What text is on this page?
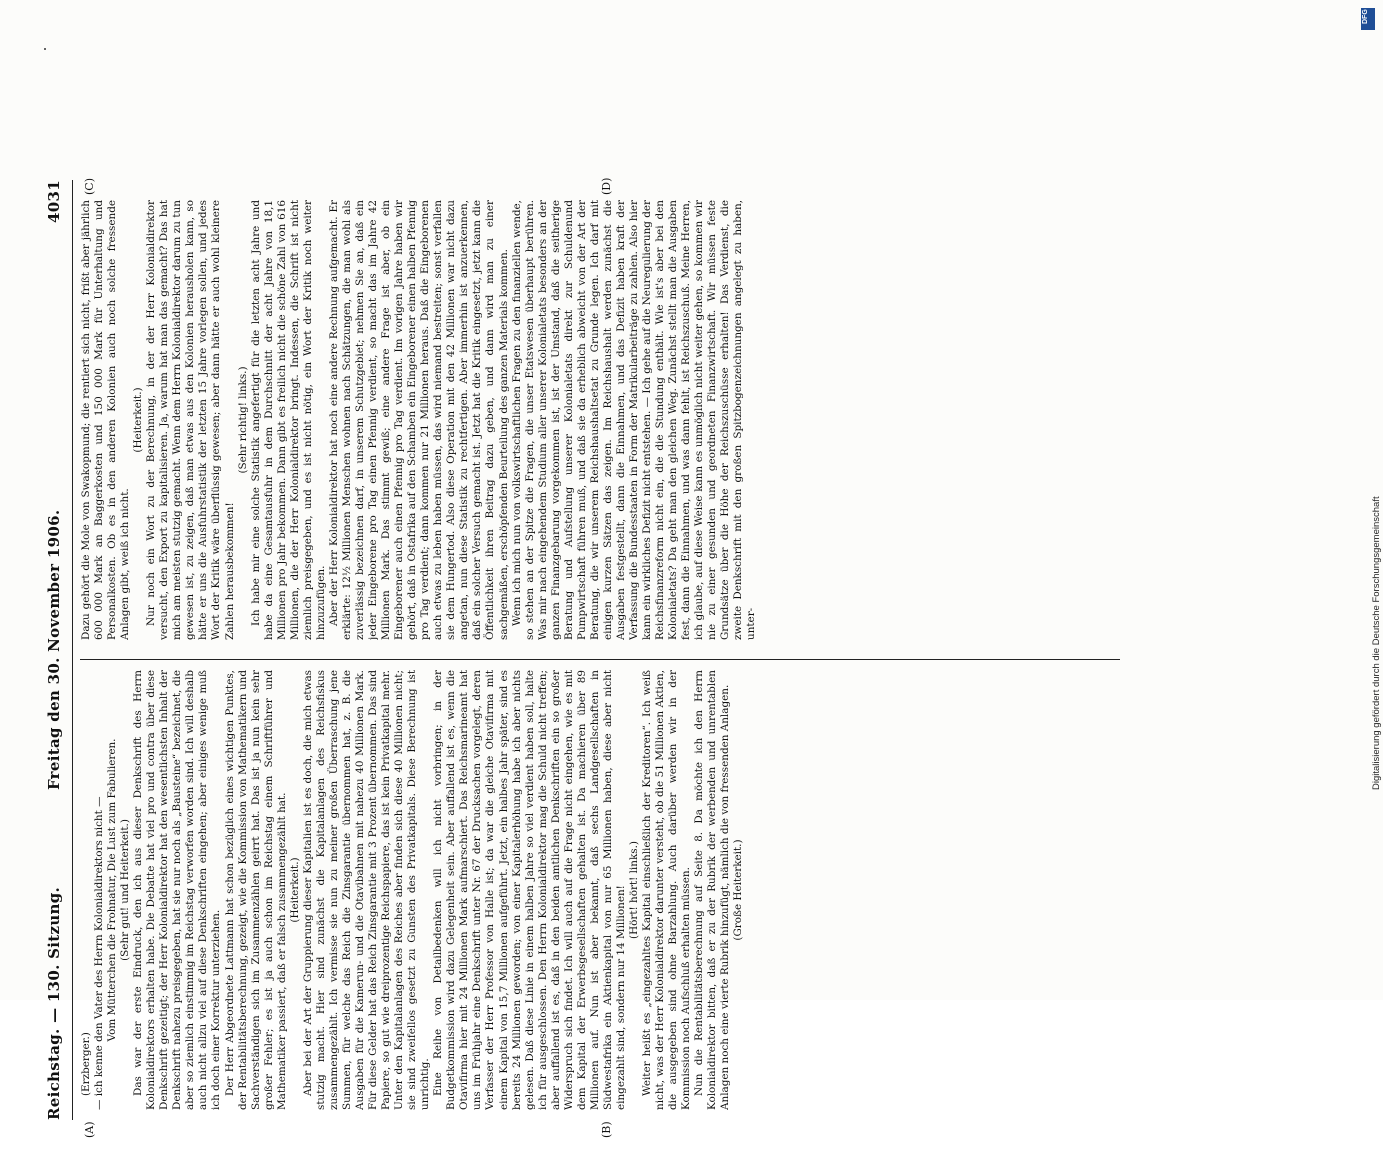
Reichstag. — 130. Sitzung.
Freitag den 30. November 1906.
4031
(A)	(B)
(C)	(D)

(Erzberger.) — ich kenne den Vater des Herrn Kolonialdirektors nicht — Vom Mütterchen die Frohnatur, Die Lust zum Fabulieren. (Sehr gut! und Heiterkeit.) Das war der erste Eindruck, den ich aus dieser Denkschrift des Herrn Kolonialdirektors erhalten habe. Die Debatte hat viel pro und contra über diese Denkschrift gezeitigt; der Herr Kolonialdirektor hat den wesentlichsten Inhalt der Denkschrift nahezu preisgegeben, hat sie nur noch als „Bausteine“ bezeichnet, die aber so ziemlich einstimmig im Reichstag verworfen worden sind. Ich will deshalb auch nicht allzu viel auf diese Denkschriften eingehen; aber einiges wenige muß ich doch einer Korrektur unterziehen. Der Herr Abgeordnete Lattmann hat schon bezüglich eines wichtigen Punktes, der Rentabilitätsberechnung, gezeigt, wie die Kommission von Mathematikern und Sachverständigen sich im Zusammenzählen geirrt hat. Das ist ja nun kein sehr großer Fehler; es ist ja auch schon im Reichstag einem Schriftführer und Mathematiker passiert, daß er falsch zusammengezählt hat. (Heiterkeit.) Aber bei der Art der Gruppierung dieser Kapitalien ist es doch, die mich etwas stutzig macht. Hier sind zunächst die Kapitalanlagen des Reichsfiskus zusammengezählt. Ich vermisse sie nun zu meiner großen Überraschung jene Summen, für welche das Reich die Zinsgarantie übernommen hat, z. B. die Ausgaben für die Kamerun- und die Otavibahnen mit nahezu 40 Millionen Mark. Für diese Gelder hat das Reich Zinsgarantie mit 3 Prozent übernommen. Das sind Papiere, so gut wie dreiprozentige Reichspapiere, das ist kein Privatkapital mehr. Unter den Kapitalanlagen des Reiches aber finden sich diese 40 Millionen nicht; sie sind zweifellos gesetzt zu Gunsten des Privatkapitals. Diese Berechnung ist unrichtig. Eine Reihe von Detailbedenken will ich nicht vorbringen; in der Budgetkommission wird dazu Gelegenheit sein. Aber auffallend ist es, wenn die Otavifirma hier mit 24 Millionen Mark aufmarschiert. Das Reichsmarineamt hat uns im Frühjahr eine Denkschrift unter Nr. 67 der Drucksachen vorgelegt, deren Verfasser der Herr Professor von Halle ist; da war die gleiche Otavifirma mit einem Kapital von 15,7 Millionen aufgeführt. Jetzt, ein halbes Jahr später, sind es bereits 24 Millionen geworden; von einer Kapitalerhöhung habe ich aber nichts gelesen. Daß diese Linie in einem halben Jahre so viel verdient haben soll, halte ich für ausgeschlossen. Den Herrn Kolonialdirektor mag die Schuld nicht treffen; aber auffallend ist es, daß in den beiden amtlichen Denkschriften ein so großer Widerspruch sich findet. Ich will auch auf die Frage nicht eingehen, wie es mit dem Kapital der Erwerbsgesellschaften gehalten ist. Da machieren über 89 Millionen auf. Nun ist aber bekannt, daß sechs Landgesellschaften in Südwestafrika ein Aktienkapital von nur 65 Millionen haben, diese aber nicht eingezahlt sind, sondern nur 14 Millionen! (Hört! hört! links.) Weiter heißt es „eingezahltes Kapital einschließlich der Kreditoren“. Ich weiß nicht, was der Herr Kolonialdirektor darunter versteht, ob die 51 Millionen Aktien, die ausgegeben sind ohne Barzahlung. Auch darüber werden wir in der Kommission noch Aufschluß erhalten müssen. Nun die Rentabilitätsberechnung auf Seite 8. Da möchte ich den Herrn Kolonialdirektor bitten, daß er zu der Rubrik der werbenden und unrentablen Anlagen noch eine vierte Rubrik hinzufügt, nämlich die von fressenden Anlagen. (Große Heiterkeit.)

Dazu gehört die Mole von Swakopmund; die rentiert sich nicht, frißt aber jährlich 600 000 Mark an Baggerkosten und 150 000 Mark für Unterhaltung und Personalkosten. Ob es in den anderen Kolonien auch noch solche fressende Anlagen gibt, weiß ich nicht.

(Heiterkeit.) Nur noch ein Wort zu der Berechnung, in der der Herr Kolonialdirektor versucht, den Export zu kapitalisieren. Ja, warum hat man das gemacht? Das hat mich am meisten stutzig gemacht. Wenn dem Herrn Kolonialdirektor darum zu tun gewesen ist, zu zeigen, daß man etwas aus den Kolonien herausholen kann, so hätte er uns die Ausfuhrstatistik der letzten 15 Jahre vorlegen sollen, und jedes Wort der Kritik wäre überflüssig gewesen; aber dann hätte er auch wohl kleinere Zahlen herausbekommen!

(Sehr richtig! links.) Ich habe mir eine solche Statistik angefertigt für die letzten acht Jahre und habe da eine Gesamtausfuhr in dem Durchschnitt der acht Jahre von 18,1 Millionen pro Jahr bekommen. Dann gibt es freilich nicht die schöne Zahl von 616 Millionen, die der Herr Kolonialdirektor bringt. Indessen, die Schrift ist nicht ziemlich preisgegeben, und es ist nicht nötig, ein Wort der Kritik noch weiter hinzuzufügen. Aber der Herr Kolonialdirektor hat noch eine andere Rechnung aufgemacht. Er erklärte: 12½ Millionen Menschen wohnen nach Schätzungen, die man wohl als zuverlässig bezeichnen darf, in unserem Schutzgebiet; nehmen Sie an, daß ein jeder Eingeborene pro Tag einen Pfennig verdient, so macht das im Jahre 42 Millionen Mark. Das stimmt gewiß; eine andere Frage ist aber, ob ein Eingeborener auch einen Pfennig pro Tag verdient. Im vorigen Jahre haben wir gehört, daß in Ostafrika auf den Schamben ein Eingeborener einen halben Pfennig pro Tag verdient; dann kommen nur 21 Millionen heraus. Daß die Eingeborenen auch etwas zu leben haben müssen, das wird niemand bestreiten; sonst verfallen sie dem Hungertod. Also diese Operation mit den 42 Millionen war nicht dazu angetan, nun diese Statistik zu rechtfertigen. Aber immerhin ist anzuerkennen, daß ein solcher Versuch gemacht ist. Jetzt hat die Kritik eingesetzt, jetzt kann die Öffentlichkeit ihren Beitrag dazu geben, und dann wird man zu einer sachgemäßen, erschöpfenden Beurteilung des ganzen Materials kommen. Wenn ich mich nun von volkswirtschaftlichen Fragen zu den finanziellen wende, so stehen an der Spitze die Fragen, die unser Etatswesen überhaupt berühren. Was mir nach eingehendem Studium aller unserer Kolonialetats besonders an der ganzen Finanzgebarung vorgekommen ist, ist der Umstand, daß die seitherige Beratung und Aufstellung unserer Kolonialetats direkt zur Schuldenund Pumpwirtschaft führen muß, und daß sie da erheblich abweicht von der Art der Beratung, die wir unserem Reichshaushaltsetat zu Grunde legen. Ich darf mit einigen kurzen Sätzen das zeigen. Im Reichshaushalt werden zunächst die Ausgaben festgestellt, dann die Einnahmen, und das Defizit haben kraft der Verfassung die Bundesstaaten in Form der Matrikularbeiträge zu zahlen. Also hier kann ein wirkliches Defizit nicht entstehen. — Ich gehe auf die Neuregulierung der Reichsfinanzreform nicht ein, die die Stundung enthält. Wie ist's aber bei den Kolonialetats? Da geht man den gleichen Weg. Zunächst stellt man die Ausgaben fest, dann die Einnahmen, und was dann fehlt, ist Reichszuschuß. Meine Herren, ich glaube, auf diese Weise kann es unmöglich nicht weiter gehen, so kommen wir nie zu einer gesunden und geordneten Finanzwirtschaft. Wir müssen feste Grundsätze über die Höhe der Reichszuschüsse erhalten! Das Verdienst, die zweite Denkschrift mit den großen Spitzbogenzeichnungen angelegt zu haben, unter-	Digitalisierung gefördert durch die Deutsche Forschungsgemeinschaft
DFG
